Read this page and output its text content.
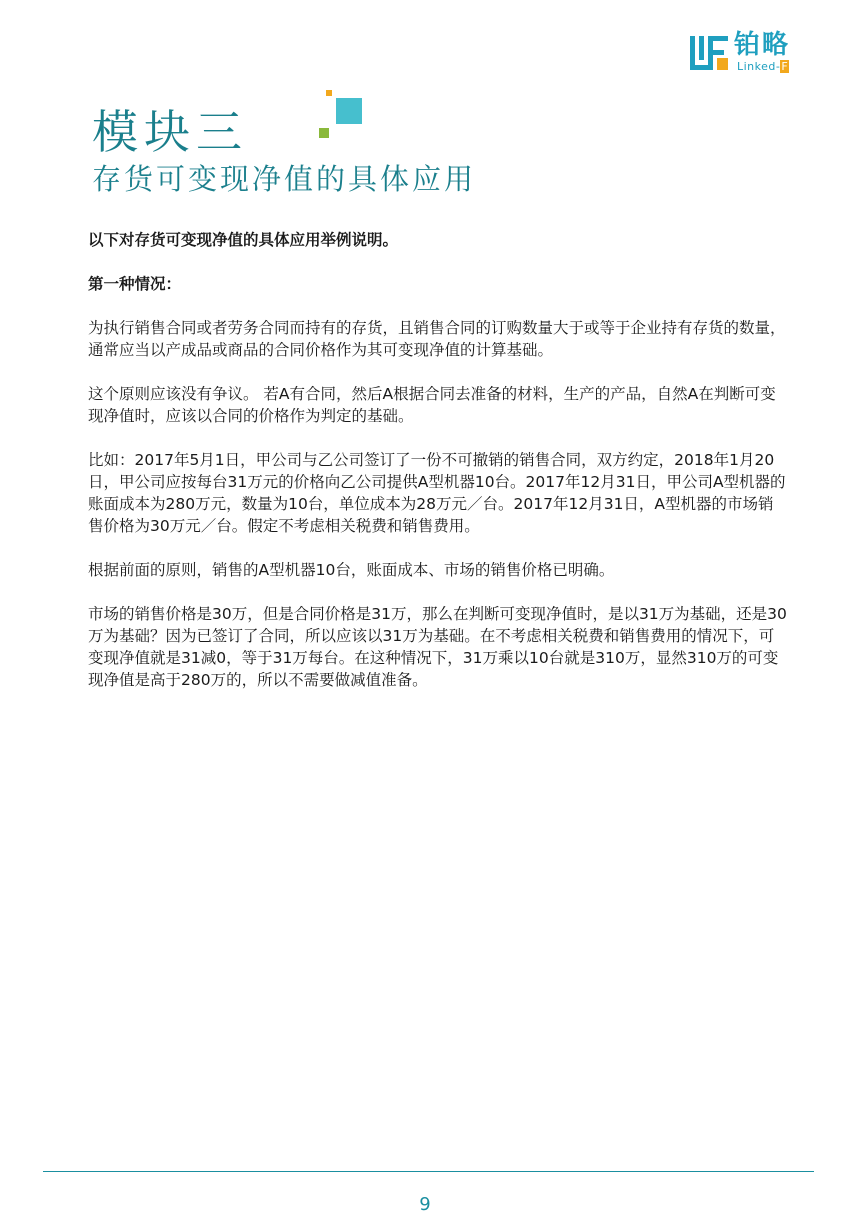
铂略
Linked-F
模块三
存货可变现净值的具体应用

以下对存货可变现净值的具体应用举例说明。

第一种情况：

为执行销售合同或者劳务合同而持有的存货，且销售合同的订购数量大于或等于企业持有存货的数量，通常应当以产成品或商品的合同价格作为其可变现净值的计算基础。

这个原则应该没有争议。 若A有合同，然后A根据合同去准备的材料，生产的产品，自然A在判断可变现净值时，应该以合同的价格作为判定的基础。

比如：2017年5月1日，甲公司与乙公司签订了一份不可撤销的销售合同，双方约定，2018年1月20日，甲公司应按每台31万元的价格向乙公司提供A型机器10台。2017年12月31日，甲公司A型机器的账面成本为280万元，数量为10台，单位成本为28万元／台。2017年12月31日，A型机器的市场销售价格为30万元／台。假定不考虑相关税费和销售费用。

根据前面的原则，销售的A型机器10台，账面成本、市场的销售价格已明确。

市场的销售价格是30万，但是合同价格是31万，那么在判断可变现净值时，是以31万为基础，还是30万为基础？因为已签订了合同，所以应该以31万为基础。在不考虑相关税费和销售费用的情况下，可变现净值就是31减0，等于31万每台。在这种情况下，31万乘以10台就是310万，显然310万的可变现净值是高于280万的，所以不需要做减值准备。

9
